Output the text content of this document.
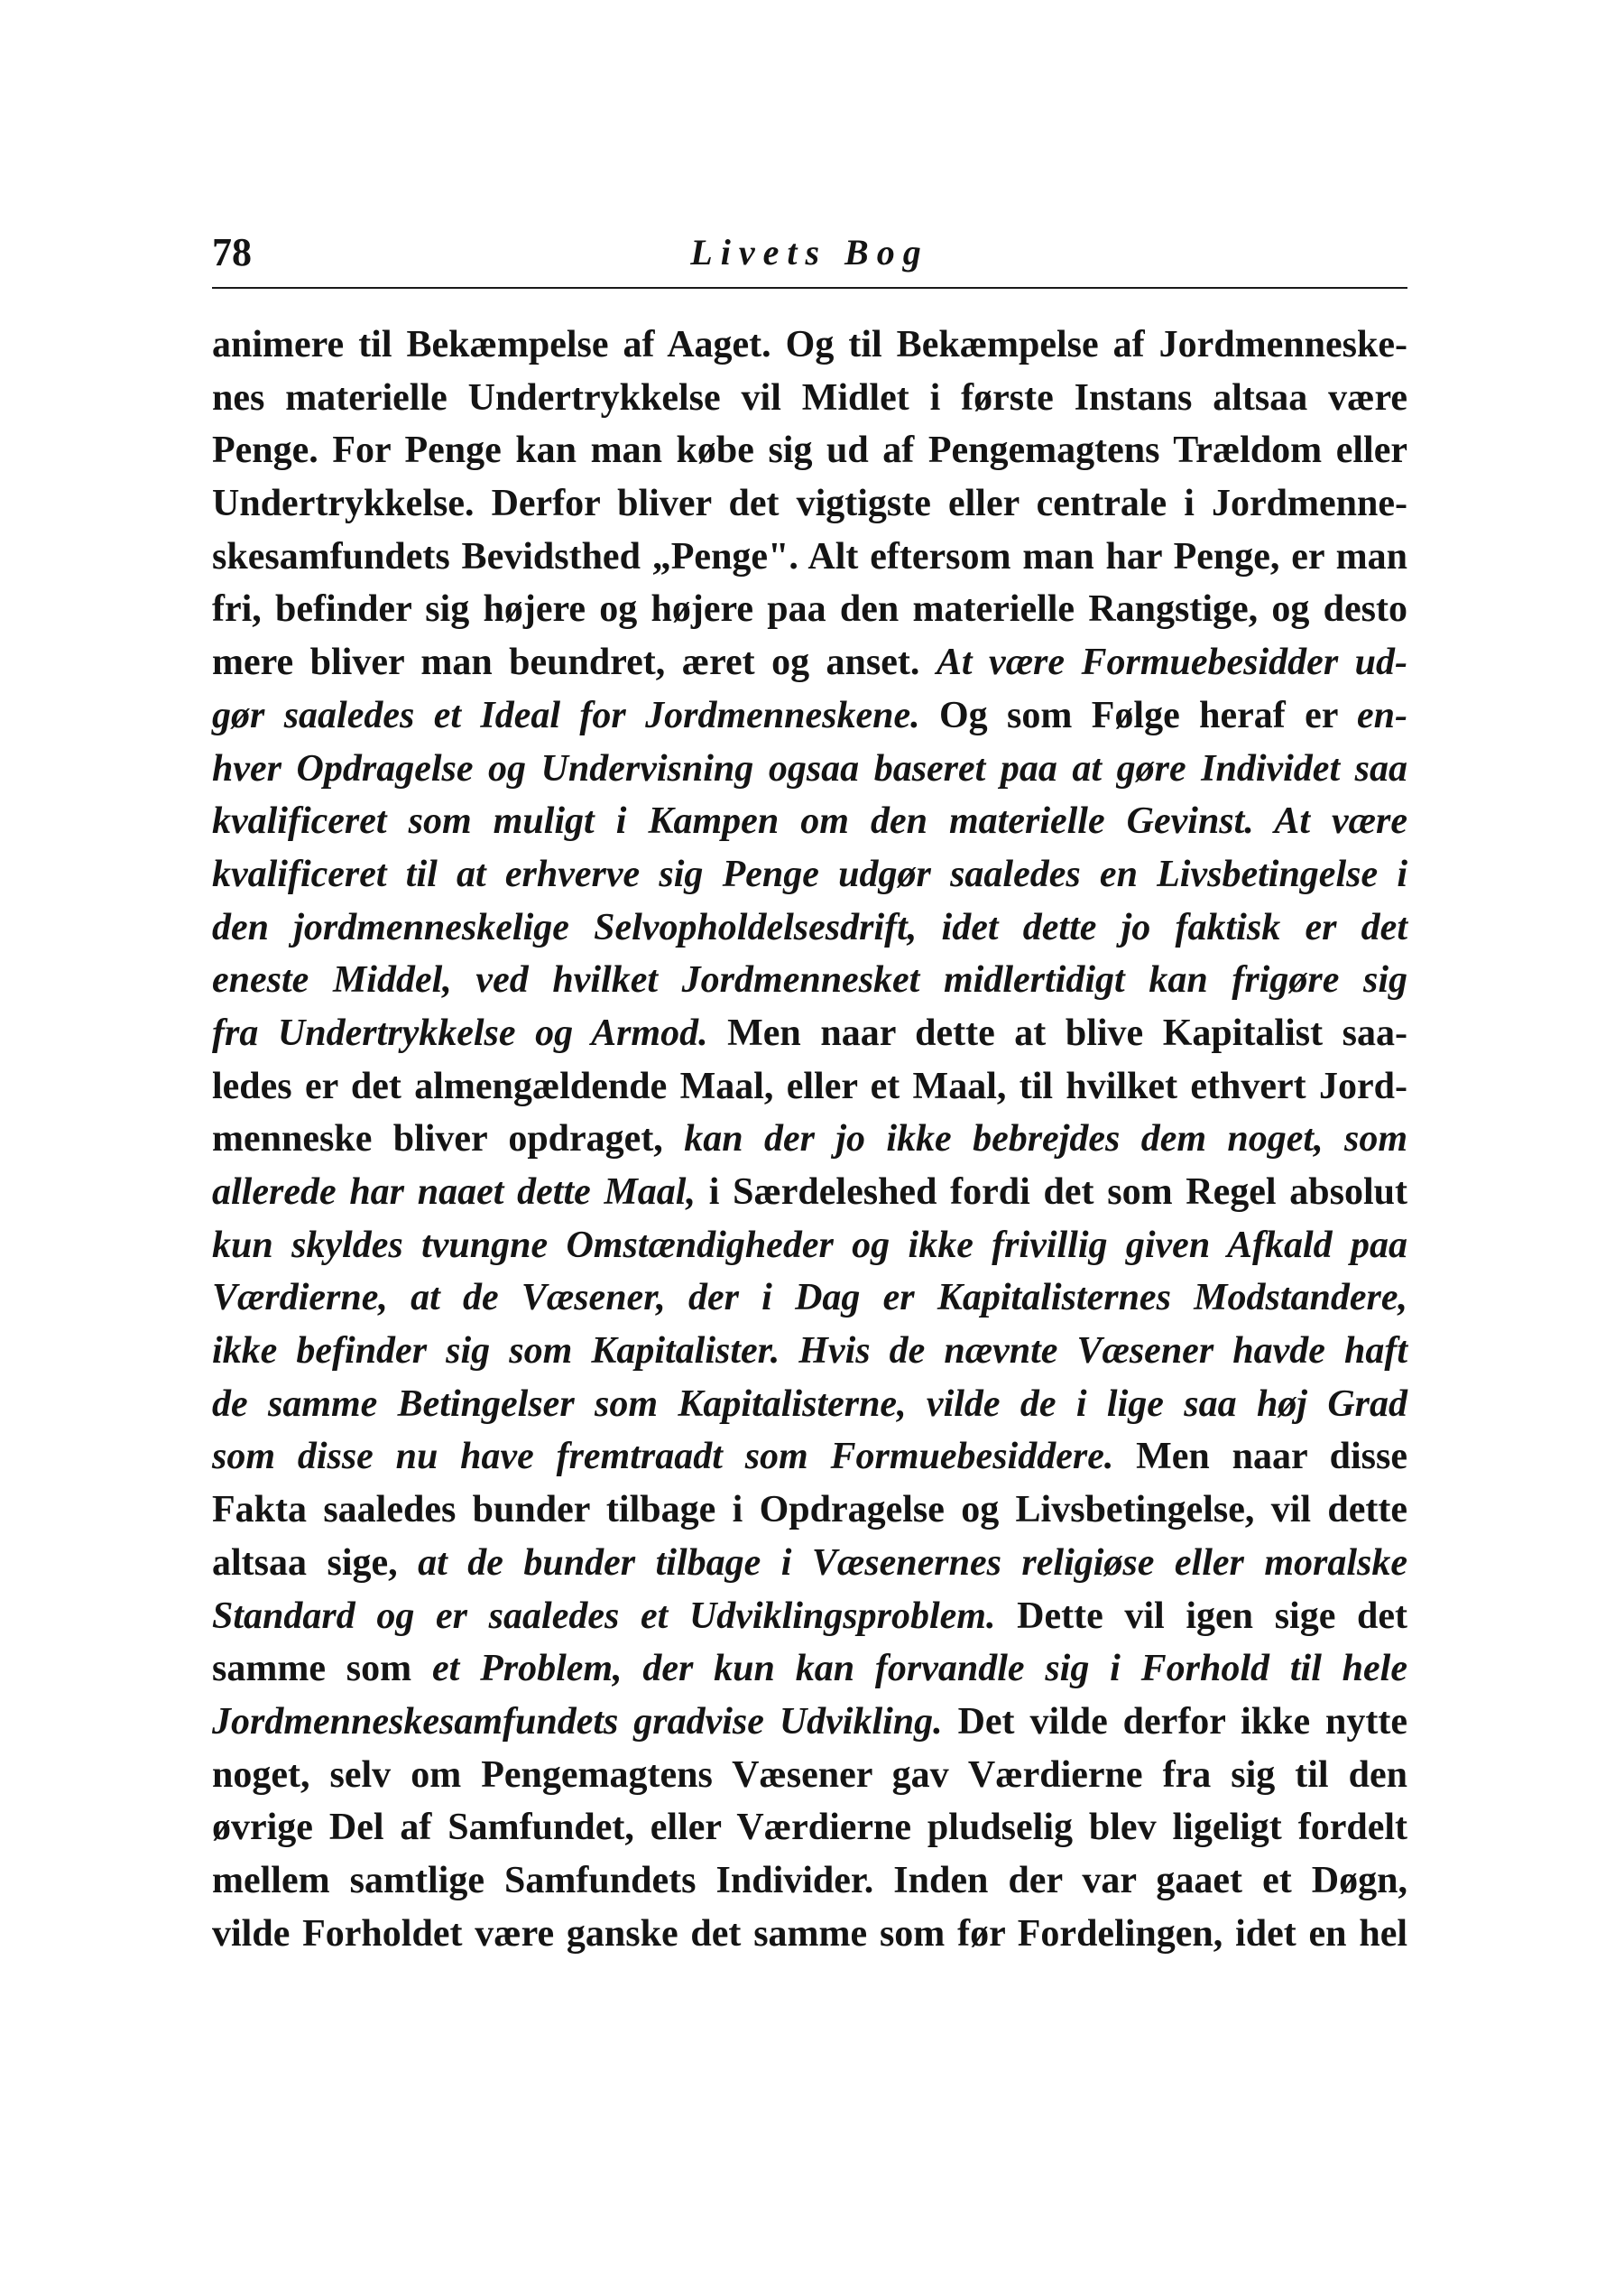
78	Livets Bog
animere til Bekæmpelse af Aaget. Og til Bekæmpelse af Jordmenneske-
nes materielle Undertrykkelse vil Midlet i første Instans altsaa være
Penge. For Penge kan man købe sig ud af Pengemagtens Trældom eller
Undertrykkelse. Derfor bliver det vigtigste eller centrale i Jordmenne-
skesamfundets Bevidsthed „Penge". Alt eftersom man har Penge, er man
fri, befinder sig højere og højere paa den materielle Rangstige, og desto
mere bliver man beundret, æret og anset. At være Formuebesidder ud-
gør saaledes et Ideal for Jordmenneskene. Og som Følge heraf er en-
hver Opdragelse og Undervisning ogsaa baseret paa at gøre Individet saa
kvalificeret som muligt i Kampen om den materielle Gevinst. At være
kvalificeret til at erhverve sig Penge udgør saaledes en Livsbetingelse i
den jordmenneskelige Selvopholdelsesdrift, idet dette jo faktisk er det
eneste Middel, ved hvilket Jordmennesket midlertidigt kan frigøre sig
fra Undertrykkelse og Armod. Men naar dette at blive Kapitalist saa-
ledes er det almengældende Maal, eller et Maal, til hvilket ethvert Jord-
menneske bliver opdraget, kan der jo ikke bebrejdes dem noget, som
allerede har naaet dette Maal, i Særdeleshed fordi det som Regel absolut
kun skyldes tvungne Omstændigheder og ikke frivillig given Afkald paa
Værdierne, at de Væsener, der i Dag er Kapitalisternes Modstandere,
ikke befinder sig som Kapitalister. Hvis de nævnte Væsener havde haft
de samme Betingelser som Kapitalisterne, vilde de i lige saa høj Grad
som disse nu have fremtraadt som Formuebesiddere. Men naar disse
Fakta saaledes bunder tilbage i Opdragelse og Livsbetingelse, vil dette
altsaa sige, at de bunder tilbage i Væsenernes religiøse eller moralske
Standard og er saaledes et Udviklingsproblem. Dette vil igen sige det
samme som et Problem, der kun kan forvandle sig i Forhold til hele
Jordmenneskesamfundets gradvise Udvikling. Det vilde derfor ikke nytte
noget, selv om Pengemagtens Væsener gav Værdierne fra sig til den
øvrige Del af Samfundet, eller Værdierne pludselig blev ligeligt fordelt
mellem samtlige Samfundets Individer. Inden der var gaaet et Døgn,
vilde Forholdet være ganske det samme som før Fordelingen, idet en hel
